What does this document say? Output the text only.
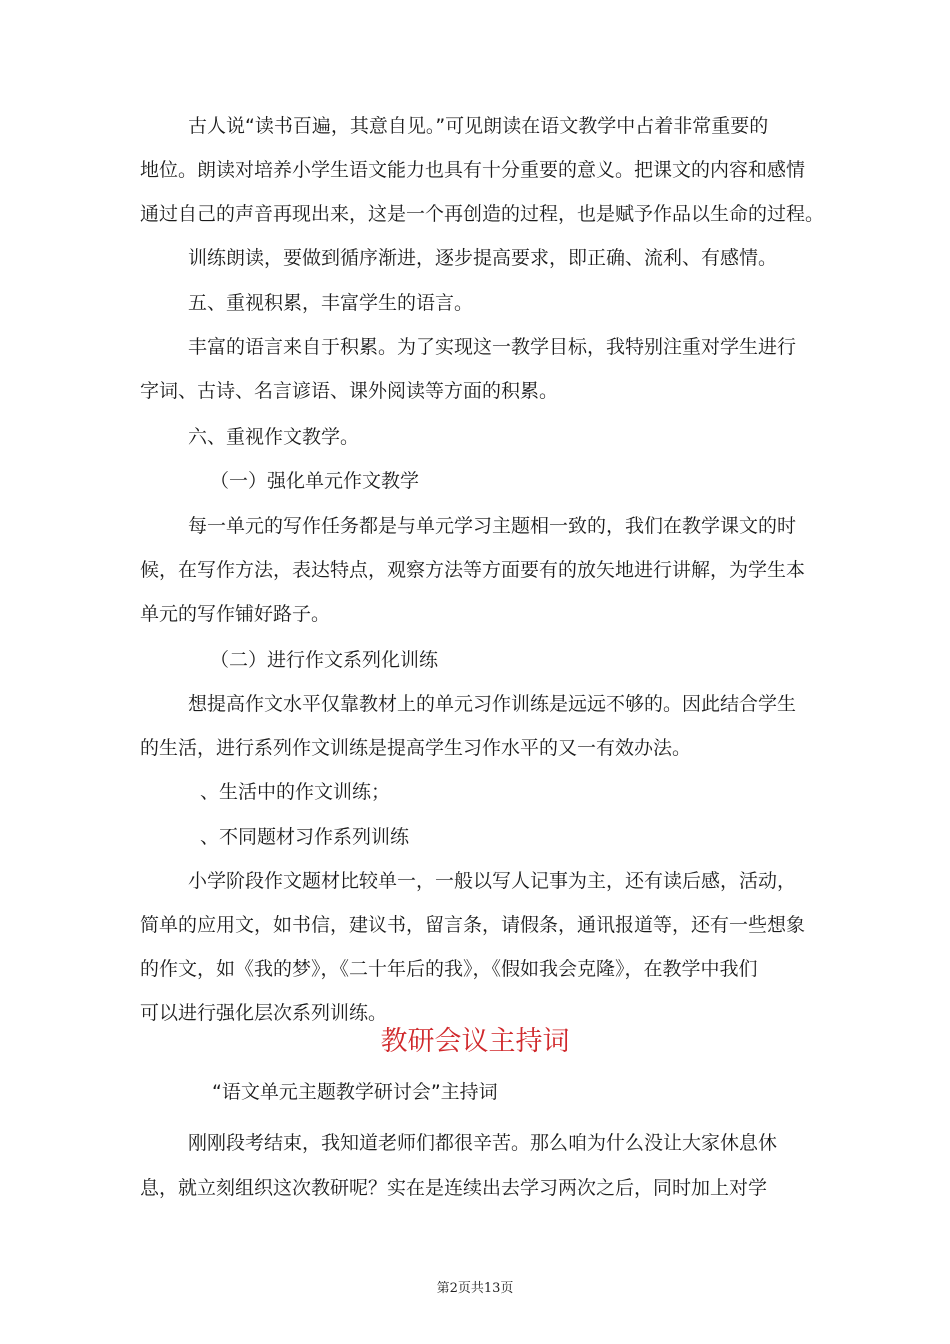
古人说“读书百遍，其意自见。”可见朗读在语文教学中占着非常重要的
地位。朗读对培养小学生语文能力也具有十分重要的意义。把课文的内容和感情
通过自己的声音再现出来，这是一个再创造的过程，也是赋予作品以生命的过程。
训练朗读，要做到循序渐进，逐步提高要求，即正确、流利、有感情。
五、重视积累，丰富学生的语言。
丰富的语言来自于积累。为了实现这一教学目标，我特别注重对学生进行
字词、古诗、名言谚语、课外阅读等方面的积累。
六、重视作文教学。
（一）强化单元作文教学
每一单元的写作任务都是与单元学习主题相一致的，我们在教学课文的时
候，在写作方法，表达特点，观察方法等方面要有的放矢地进行讲解，为学生本
单元的写作铺好路子。
（二）进行作文系列化训练
想提高作文水平仅靠教材上的单元习作训练是远远不够的。因此结合学生
的生活，进行系列作文训练是提高学生习作水平的又一有效办法。
、生活中的作文训练；
、不同题材习作系列训练
小学阶段作文题材比较单一，一般以写人记事为主，还有读后感，活动，
简单的应用文，如书信，建议书，留言条，请假条，通讯报道等，还有一些想象
的作文，如《我的梦》，《二十年后的我》，《假如我会克隆》，在教学中我们
可以进行强化层次系列训练。
教研会议主持词
“语文单元主题教学研讨会”主持词
刚刚段考结束，我知道老师们都很辛苦。那么咱为什么没让大家休息休
息，就立刻组织这次教研呢？实在是连续出去学习两次之后，同时加上对学
第2页共13页
